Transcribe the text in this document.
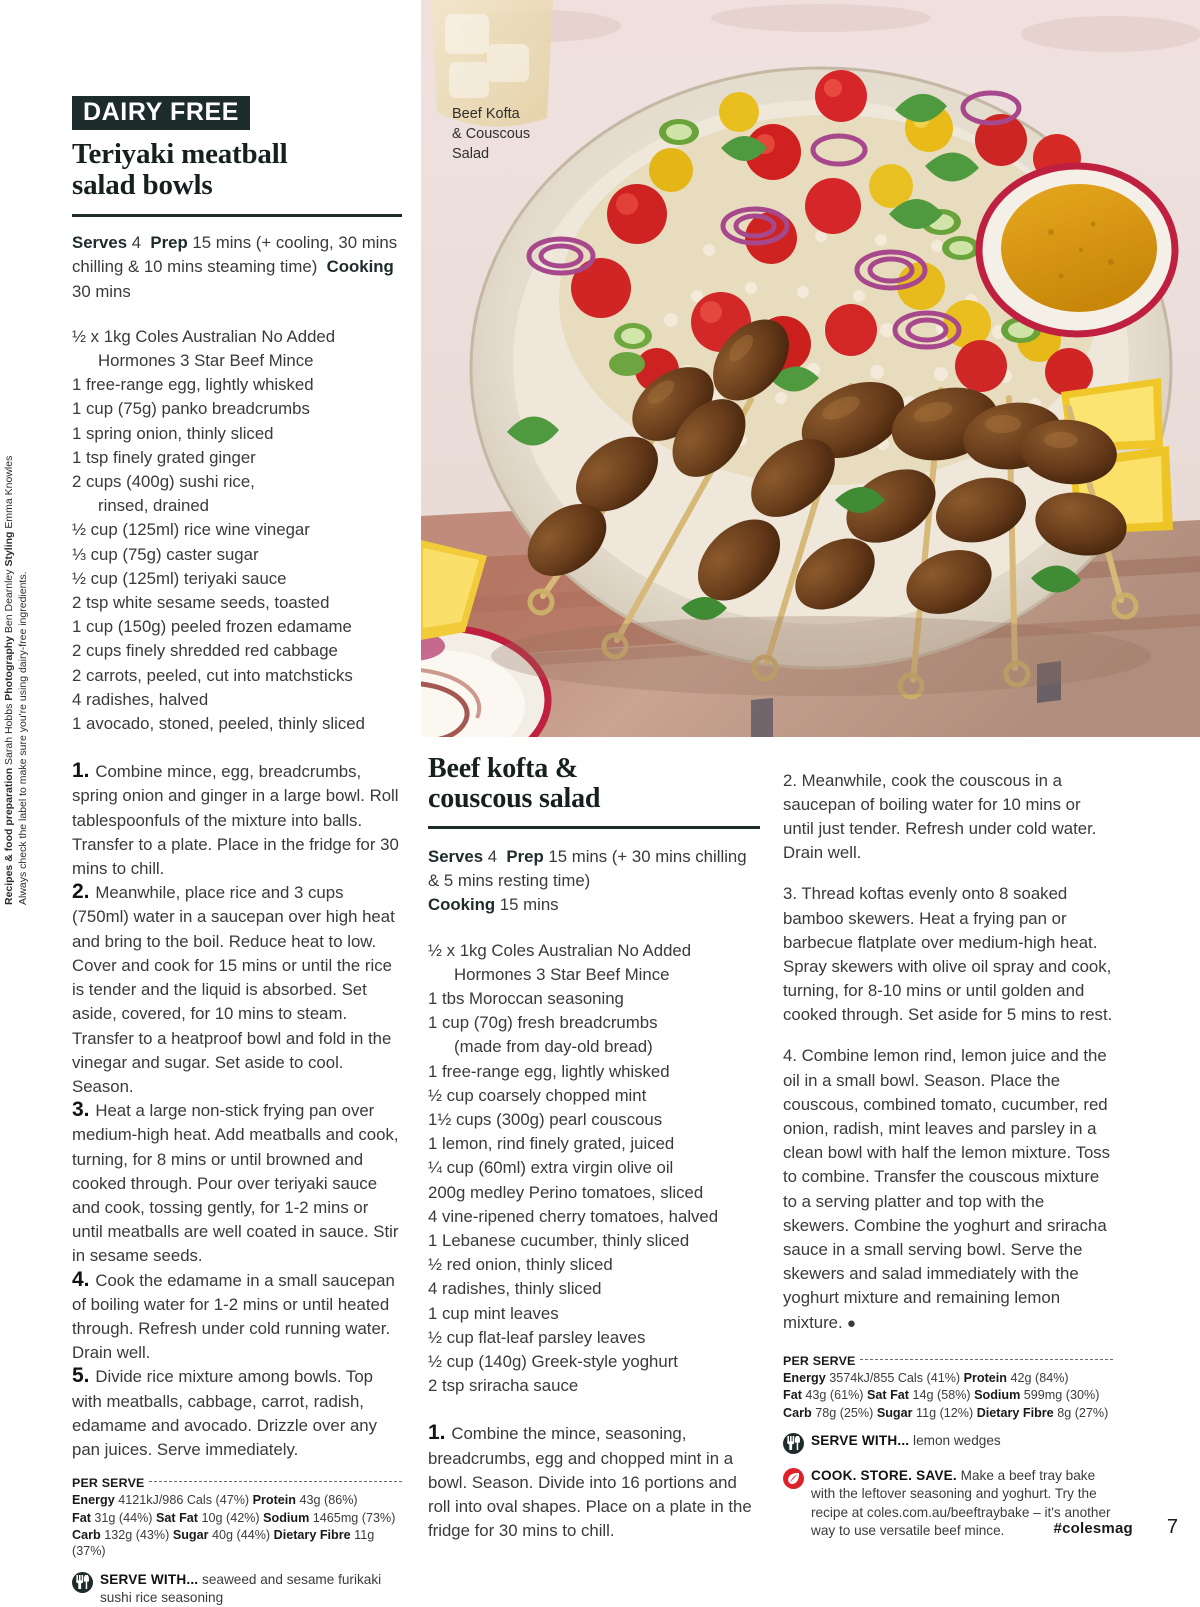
Recipes & food preparation Sarah Hobbs Photography Ben Dearnley Styling Emma Knowles
Always check the label to make sure you're using dairy-free ingredients.
Beef Kofta
& Couscous
Salad
DAIRY FREE
Teriyaki meatball
salad bowls
Serves 4 Prep 15 mins (+ cooling, 30 mins chilling & 10 mins steaming time) Cooking 30 mins

½ x 1kg Coles Australian No Added

Hormones 3 Star Beef Mince

1 free-range egg, lightly whisked

1 cup (75g) panko breadcrumbs

1 spring onion, thinly sliced

1 tsp finely grated ginger

2 cups (400g) sushi rice,

rinsed, drained

½ cup (125ml) rice wine vinegar

⅓ cup (75g) caster sugar

½ cup (125ml) teriyaki sauce

2 tsp white sesame seeds, toasted

1 cup (150g) peeled frozen edamame

2 cups finely shredded red cabbage

2 carrots, peeled, cut into matchsticks

4 radishes, halved

1 avocado, stoned, peeled, thinly sliced

1. Combine mince, egg, breadcrumbs, spring onion and ginger in a large bowl. Roll tablespoonfuls of the mixture into balls. Transfer to a plate. Place in the fridge for 30 mins to chill.

2. Meanwhile, place rice and 3 cups (750ml) water in a saucepan over high heat and bring to the boil. Reduce heat to low. Cover and cook for 15 mins or until the rice is tender and the liquid is absorbed. Set aside, covered, for 10 mins to steam. Transfer to a heatproof bowl and fold in the vinegar and sugar. Set aside to cool. Season.

3. Heat a large non-stick frying pan over medium-high heat. Add meatballs and cook, turning, for 8 mins or until browned and cooked through. Pour over teriyaki sauce and cook, tossing gently, for 1-2 mins or until meatballs are well coated in sauce. Stir in sesame seeds.

4. Cook the edamame in a small saucepan of boiling water for 1-2 mins or until heated through. Refresh under cold running water. Drain well.

5. Divide rice mixture among bowls. Top with meatballs, cabbage, carrot, radish, edamame and avocado. Drizzle over any pan juices. Serve immediately.

PER SERVE
Energy 4121kJ/986 Cals (47%) Protein 43g (86%)
Fat 31g (44%) Sat Fat 10g (42%) Sodium 1465mg (73%)
Carb 132g (43%) Sugar 40g (44%) Dietary Fibre 11g (37%)
SERVE WITH... seaweed and sesame furikaki sushi rice seasoning
Beef kofta &
couscous salad
Serves 4 Prep 15 mins (+ 30 mins chilling & 5 mins resting time)
Cooking 15 mins

½ x 1kg Coles Australian No Added

Hormones 3 Star Beef Mince

1 tbs Moroccan seasoning

1 cup (70g) fresh breadcrumbs

(made from day-old bread)

1 free-range egg, lightly whisked

½ cup coarsely chopped mint

1½ cups (300g) pearl couscous

1 lemon, rind finely grated, juiced

¼ cup (60ml) extra virgin olive oil

200g medley Perino tomatoes, sliced

4 vine-ripened cherry tomatoes, halved

1 Lebanese cucumber, thinly sliced

½ red onion, thinly sliced

4 radishes, thinly sliced

1 cup mint leaves

½ cup flat-leaf parsley leaves

½ cup (140g) Greek-style yoghurt

2 tsp sriracha sauce

1. Combine the mince, seasoning, breadcrumbs, egg and chopped mint in a bowl. Season. Divide into 16 portions and roll into oval shapes. Place on a plate in the fridge for 30 mins to chill.

2. Meanwhile, cook the couscous in a saucepan of boiling water for 10 mins or until just tender. Refresh under cold water. Drain well.

3. Thread koftas evenly onto 8 soaked bamboo skewers. Heat a frying pan or barbecue flatplate over medium-high heat. Spray skewers with olive oil spray and cook, turning, for 8-10 mins or until golden and cooked through. Set aside for 5 mins to rest.

4. Combine lemon rind, lemon juice and the oil in a small bowl. Season. Place the couscous, combined tomato, cucumber, red onion, radish, mint leaves and parsley in a clean bowl with half the lemon mixture. Toss to combine. Transfer the couscous mixture to a serving platter and top with the skewers. Combine the yoghurt and sriracha sauce in a small serving bowl. Serve the skewers and salad immediately with the yoghurt mixture and remaining lemon mixture. ●

PER SERVE
Energy 3574kJ/855 Cals (41%) Protein 42g (84%)
Fat 43g (61%) Sat Fat 14g (58%) Sodium 599mg (30%)
Carb 78g (25%) Sugar 11g (12%) Dietary Fibre 8g (27%)
SERVE WITH... lemon wedges
COOK. STORE. SAVE. Make a beef tray bake with the leftover seasoning and yoghurt. Try the recipe at coles.com.au/beeftraybake – it's another way to use versatile beef mince.	#colesmag 7
